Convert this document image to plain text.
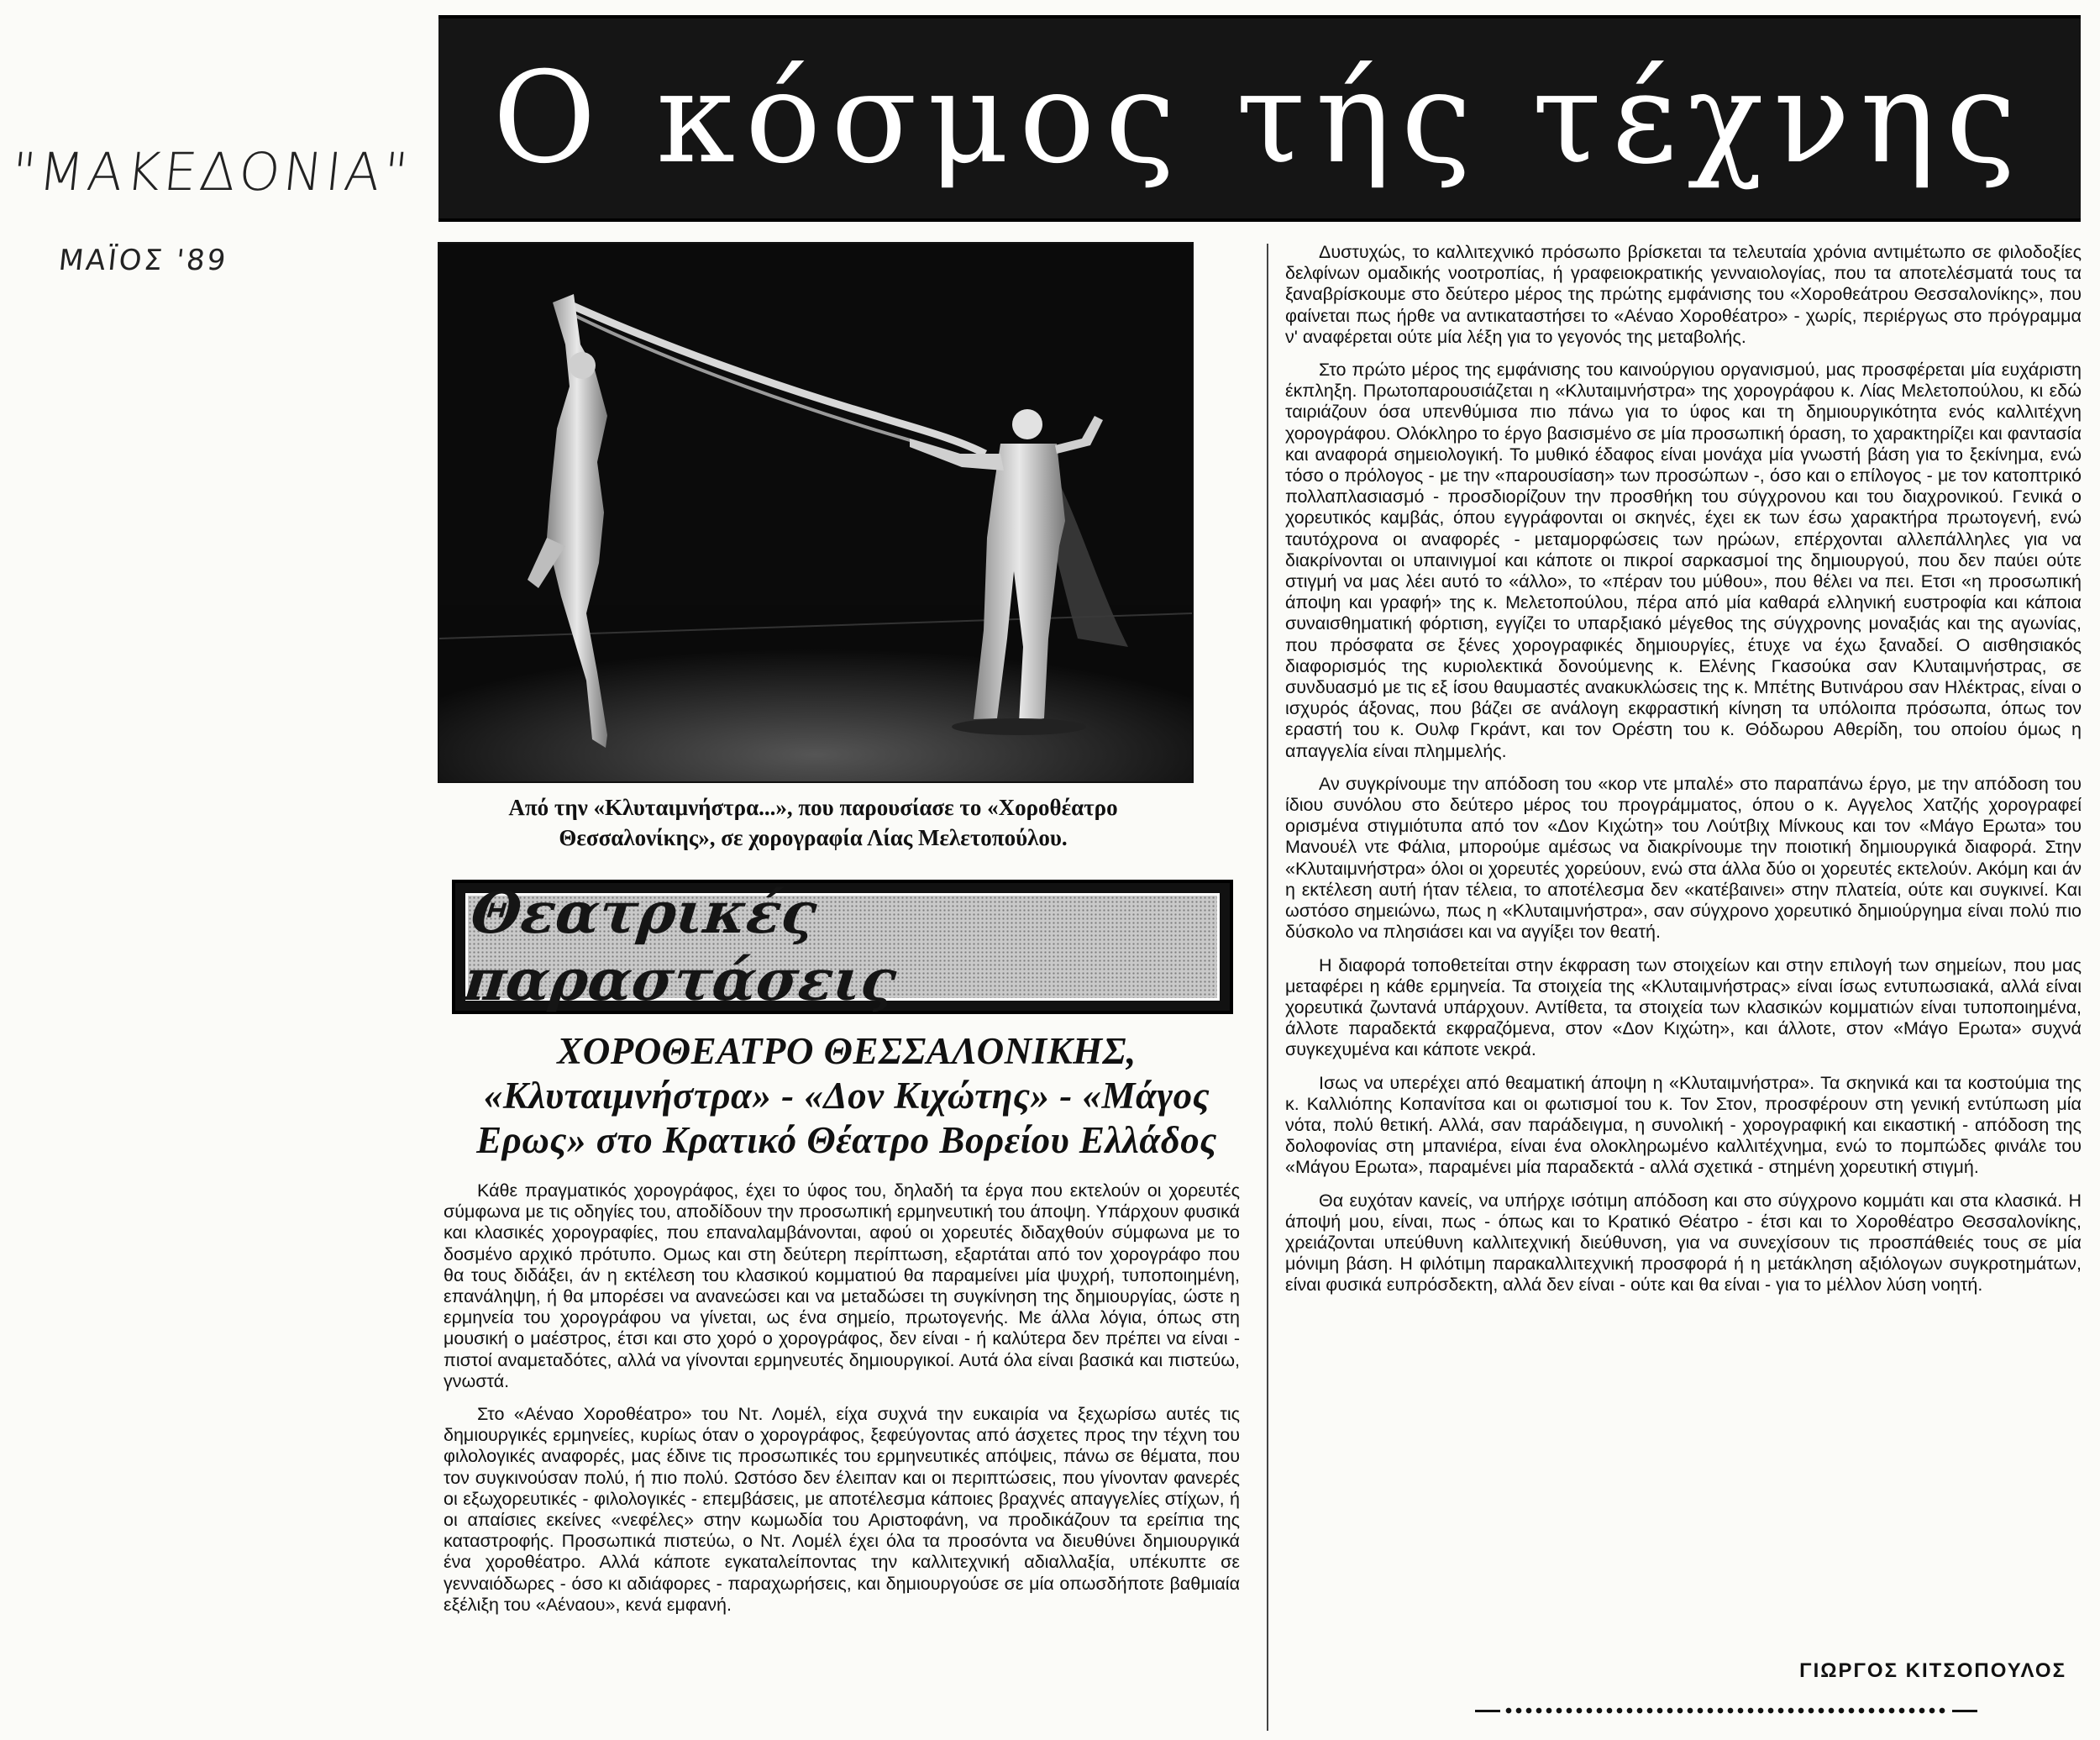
"ΜΑΚΕΔΟΝΙΑ"
ΜΑΪΟΣ '89
Ο κόσμος τής τέχνης

Από την «Κλυταιμνήστρα...», που παρουσίασε το «Χοροθέατρο Θεσσαλονίκης», σε χορογραφία Λίας Μελετοπούλου.

Θεατρικές παραστάσεις
ΧΟΡΟΘΕΑΤΡΟ ΘΕΣΣΑΛΟΝΙΚΗΣ, «Κλυταιμνήστρα» - «Δον Κιχώτης» - «Μάγος Ερως» στο Κρατικό Θέατρο Βορείου Ελλάδος

Κάθε πραγματικός χορογράφος, έχει το ύφος του, δηλαδή τα έργα που εκτελούν οι χορευτές σύμφωνα με τις οδηγίες του, αποδίδουν την προσωπική ερμηνευτική του άποψη. Υπάρχουν φυσικά και κλασικές χορογραφίες, που επαναλαμβάνονται, αφού οι χορευτές διδαχθούν σύμφωνα με το δοσμένο αρχικό πρότυπο. Ομως και στη δεύτερη περίπτωση, εξαρτάται από τον χορογράφο που θα τους διδάξει, άν η εκτέλεση του κλασικού κομματιού θα παραμείνει μία ψυχρή, τυποποιημένη, επανάληψη, ή θα μπορέσει να ανανεώσει και να μεταδώσει τη συγκίνηση της δημιουργίας, ώστε η ερμηνεία του χορογράφου να γίνεται, ως ένα σημείο, πρωτογενής. Με άλλα λόγια, όπως στη μουσική ο μαέστρος, έτσι και στο χορό ο χορογράφος, δεν είναι - ή καλύτερα δεν πρέπει να είναι - πιστοί αναμεταδότες, αλλά να γίνονται ερμηνευτές δημιουργικοί. Αυτά όλα είναι βασικά και πιστεύω, γνωστά.

Στο «Αέναο Χοροθέατρο» του Ντ. Λομέλ, είχα συχνά την ευκαιρία να ξεχωρίσω αυτές τις δημιουργικές ερμηνείες, κυρίως όταν ο χορογράφος, ξεφεύγοντας από άσχετες προς την τέχνη του φιλολογικές αναφορές, μας έδινε τις προσωπικές του ερμηνευτικές απόψεις, πάνω σε θέματα, που τον συγκινούσαν πολύ, ή πιο πολύ. Ωστόσο δεν έλειπαν και οι περιπτώσεις, που γίνονταν φανερές οι εξωχορευτικές - φιλολογικές - επεμβάσεις, με αποτέλεσμα κάποιες βραχνές απαγγελίες στίχων, ή οι απαίσιες εκείνες «νεφέλες» στην κωμωδία του Αριστοφάνη, να προδικάζουν τα ερείπια της καταστροφής. Προσωπικά πιστεύω, ο Ντ. Λομέλ έχει όλα τα προσόντα να διευθύνει δημιουργικά ένα χοροθέατρο. Αλλά κάποτε εγκαταλείποντας την καλλιτεχνική αδιαλλαξία, υπέκυπτε σε γενναιόδωρες - όσο κι αδιάφορες - παραχωρήσεις, και δημιουργούσε σε μία οπωσδήποτε βαθμιαία εξέλιξη του «Αέναου», κενά εμφανή.

Δυστυχώς, το καλλιτεχνικό πρόσωπο βρίσκεται τα τελευταία χρόνια αντιμέτωπο σε φιλοδοξίες δελφίνων ομαδικής νοοτροπίας, ή γραφειοκρατικής γενναιολογίας, που τα αποτελέσματά τους τα ξαναβρίσκουμε στο δεύτερο μέρος της πρώτης εμφάνισης του «Χοροθεάτρου Θεσσαλονίκης», που φαίνεται πως ήρθε να αντικαταστήσει το «Αέναο Χοροθέατρο» - χωρίς, περιέργως στο πρόγραμμα ν' αναφέρεται ούτε μία λέξη για το γεγονός της μεταβολής.

Στο πρώτο μέρος της εμφάνισης του καινούργιου οργανισμού, μας προσφέρεται μία ευχάριστη έκπληξη. Πρωτοπαρουσιάζεται η «Κλυταιμνήστρα» της χορογράφου κ. Λίας Μελετοπούλου, κι εδώ ταιριάζουν όσα υπενθύμισα πιο πάνω για το ύφος και τη δημιουργικότητα ενός καλλιτέχνη χορογράφου. Ολόκληρο το έργο βασισμένο σε μία προσωπική όραση, το χαρακτηρίζει και φαντασία και αναφορά σημειολογική. Το μυθικό έδαφος είναι μονάχα μία γνωστή βάση για το ξεκίνημα, ενώ τόσο ο πρόλογος - με την «παρουσίαση» των προσώπων -, όσο και ο επίλογος - με τον κατοπτρικό πολλαπλασιασμό - προσδιορίζουν την προσθήκη του σύγχρονου και του διαχρονικού. Γενικά ο χορευτικός καμβάς, όπου εγγράφονται οι σκηνές, έχει εκ των έσω χαρακτήρα πρωτογενή, ενώ ταυτόχρονα οι αναφορές - μεταμορφώσεις των ηρώων, επέρχονται αλλεπάλληλες για να διακρίνονται οι υπαινιγμοί και κάποτε οι πικροί σαρκασμοί της δημιουργού, που δεν παύει ούτε στιγμή να μας λέει αυτό το «άλλο», το «πέραν του μύθου», που θέλει να πει. Ετσι «η προσωπική άποψη και γραφή» της κ. Μελετοπούλου, πέρα από μία καθαρά ελληνική ευστροφία και κάποια συναισθηματική φόρτιση, εγγίζει το υπαρξιακό μέγεθος της σύγχρονης μοναξιάς και της αγωνίας, που πρόσφατα σε ξένες χορογραφικές δημιουργίες, έτυχε να έχω ξαναδεί. Ο αισθησιακός διαφορισμός της κυριολεκτικά δονούμενης κ. Ελένης Γκασούκα σαν Κλυταιμνήστρας, σε συνδυασμό με τις εξ ίσου θαυμαστές ανακυκλώσεις της κ. Μπέτης Βυτινάρου σαν Ηλέκτρας, είναι ο ισχυρός άξονας, που βάζει σε ανάλογη εκφραστική κίνηση τα υπόλοιπα πρόσωπα, όπως τον εραστή του κ. Ουλφ Γκράντ, και τον Ορέστη του κ. Θόδωρου Αθερίδη, του οποίου όμως η απαγγελία είναι πλημμελής.

Αν συγκρίνουμε την απόδοση του «κορ ντε μπαλέ» στο παραπάνω έργο, με την απόδοση του ίδιου συνόλου στο δεύτερο μέρος του προγράμματος, όπου ο κ. Αγγελος Χατζής χορογραφεί ορισμένα στιγμιότυπα από τον «Δον Κιχώτη» του Λούτβιχ Μίνκους και τον «Μάγο Ερωτα» του Μανουέλ ντε Φάλια, μπορούμε αμέσως να διακρίνουμε την ποιοτική δημιουργικά διαφορά. Στην «Κλυταιμνήστρα» όλοι οι χορευτές χορεύουν, ενώ στα άλλα δύο οι χορευτές εκτελούν. Ακόμη και άν η εκτέλεση αυτή ήταν τέλεια, το αποτέλεσμα δεν «κατέβαινει» στην πλατεία, ούτε και συγκινεί. Και ωστόσο σημειώνω, πως η «Κλυταιμνήστρα», σαν σύγχρονο χορευτικό δημιούργημα είναι πολύ πιο δύσκολο να πλησιάσει και να αγγίξει τον θεατή.

Η διαφορά τοποθετείται στην έκφραση των στοιχείων και στην επιλογή των σημείων, που μας μεταφέρει η κάθε ερμηνεία. Τα στοιχεία της «Κλυταιμνήστρας» είναι ίσως εντυπωσιακά, αλλά είναι χορευτικά ζωντανά υπάρχουν. Αντίθετα, τα στοιχεία των κλασικών κομματιών είναι τυποποιημένα, άλλοτε παραδεκτά εκφραζόμενα, στον «Δον Κιχώτη», και άλλοτε, στον «Μάγο Ερωτα» συχνά συγκεχυμένα και κάποτε νεκρά.

Ισως να υπερέχει από θεαματική άποψη η «Κλυταιμνήστρα». Τα σκηνικά και τα κοστούμια της κ. Καλλιόπης Κοπανίτσα και οι φωτισμοί του κ. Τον Στον, προσφέρουν στη γενική εντύπωση μία νότα, πολύ θετική. Αλλά, σαν παράδειγμα, η συνολική - χορογραφική και εικαστική - απόδοση της δολοφονίας στη μπανιέρα, είναι ένα ολοκληρωμένο καλλιτέχνημα, ενώ το πομπώδες φινάλε του «Μάγου Ερωτα», παραμένει μία παραδεκτά - αλλά σχετικά - στημένη χορευτική στιγμή.

Θα ευχόταν κανείς, να υπήρχε ισότιμη απόδοση και στο σύγχρονο κομμάτι και στα κλασικά. Η άποψή μου, είναι, πως - όπως και το Κρατικό Θέατρο - έτσι και το Χοροθέατρο Θεσσαλονίκης, χρειάζονται υπεύθυνη καλλιτεχνική διεύθυνση, για να συνεχίσουν τις προσπάθειές τους σε μία μόνιμη βάση. Η φιλότιμη παρακαλλιτεχνική προσφορά ή η μετάκληση αξιόλογων συγκροτημάτων, είναι φυσικά ευπρόσδεκτη, αλλά δεν είναι - ούτε και θα είναι - για το μέλλον λύση νοητή.

ΓΙΩΡΓΟΣ ΚΙΤΣΟΠΟΥΛΟΣ
